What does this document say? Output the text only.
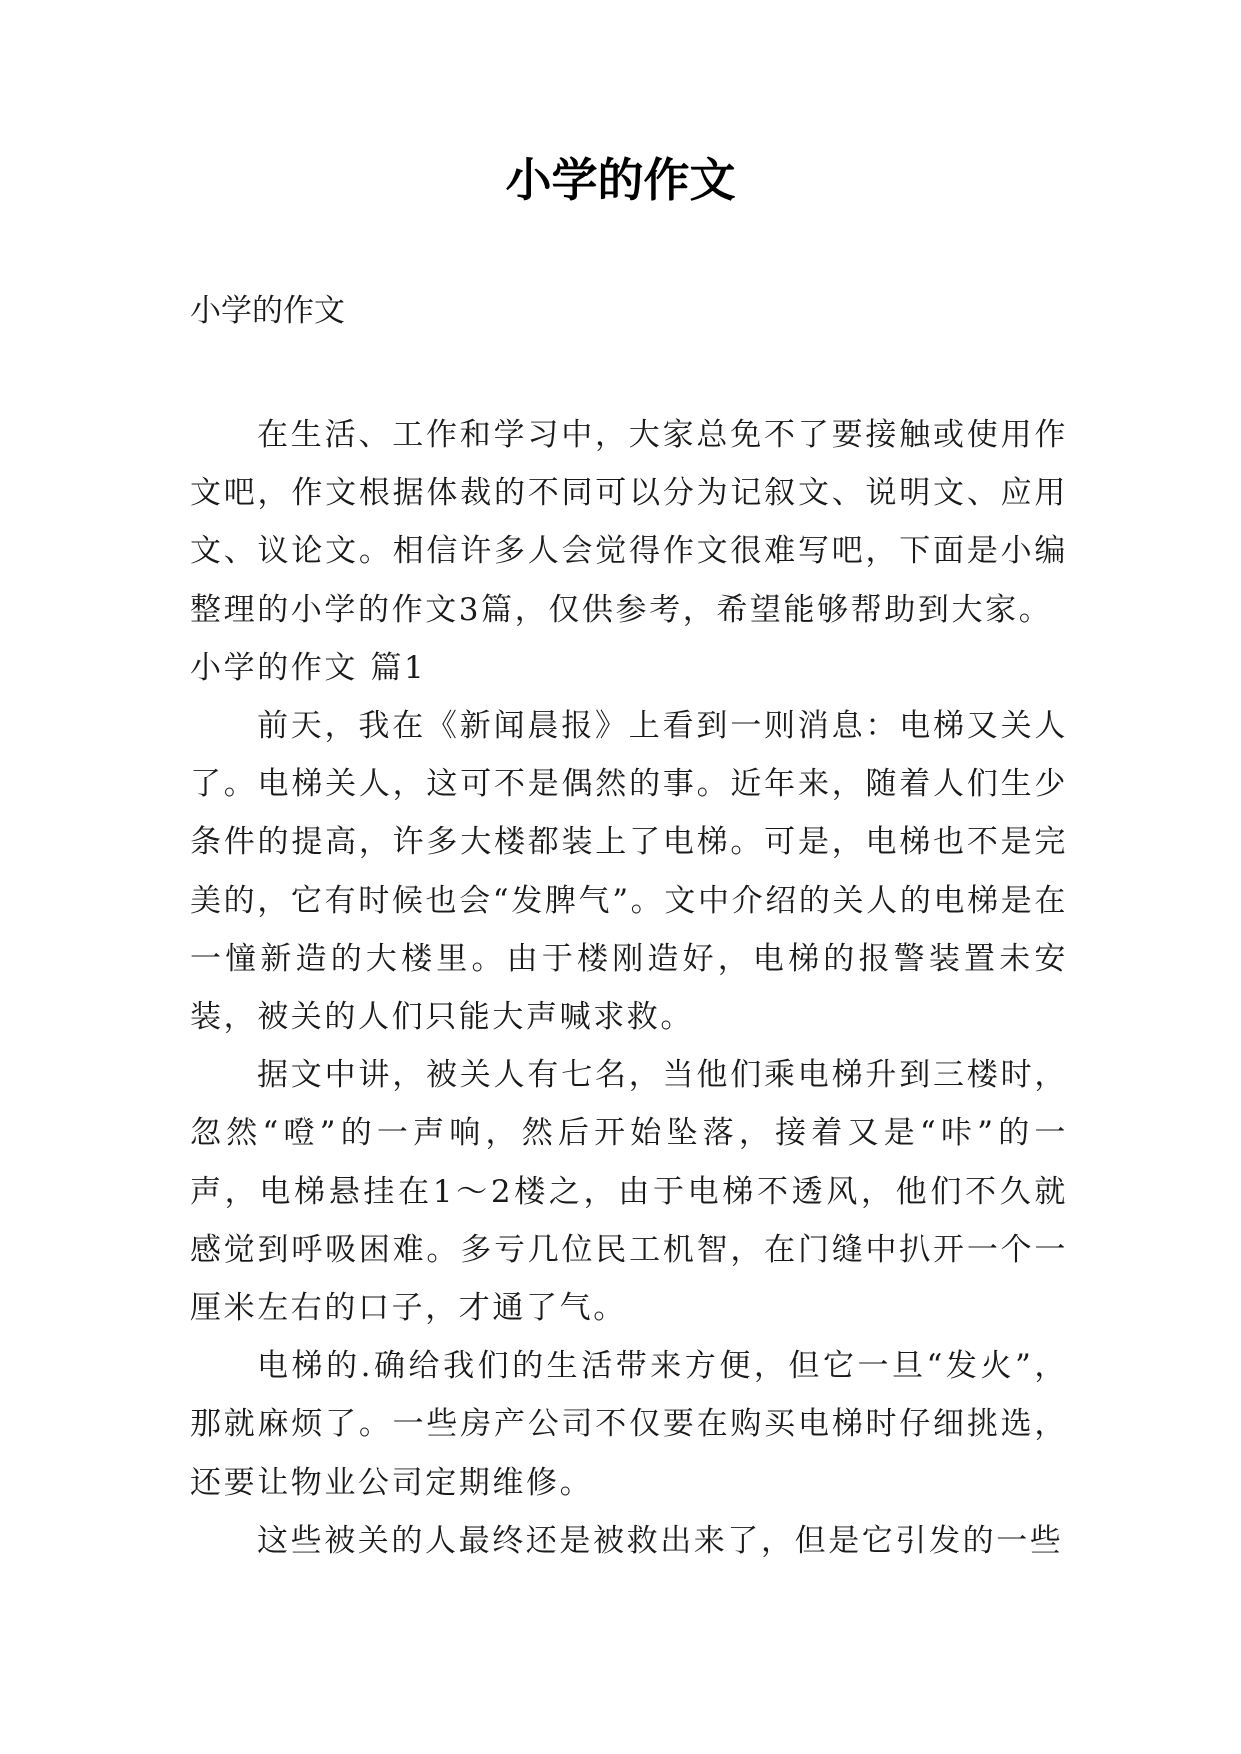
小学的作文
小学的作文

在生活、工作和学习中，大家总免不了要接触或使用作文吧，作文根据体裁的不同可以分为记叙文、说明文、应用文、议论文。相信许多人会觉得作文很难写吧，下面是小编整理的小学的作文3篇，仅供参考，希望能够帮助到大家。

小学的作文 篇1

前天，我在《新闻晨报》上看到一则消息：电梯又关人了。电梯关人，这可不是偶然的事。近年来，随着人们生少条件的提高，许多大楼都装上了电梯。可是，电梯也不是完美的，它有时候也会“发脾气”。文中介绍的关人的电梯是在一憧新造的大楼里。由于楼刚造好，电梯的报警装置未安装，被关的人们只能大声喊求救。

据文中讲，被关人有七名，当他们乘电梯升到三楼时，忽然“噔”的一声响，然后开始坠落，接着又是“咔”的一声，电梯悬挂在1～2楼之，由于电梯不透风，他们不久就感觉到呼吸困难。多亏几位民工机智，在门缝中扒开一个一厘米左右的口子，才通了气。

电梯的.确给我们的生活带来方便，但它一旦“发火”，那就麻烦了。一些房产公司不仅要在购买电梯时仔细挑选，还要让物业公司定期维修。

这些被关的人最终还是被救出来了，但是它引发的一些
